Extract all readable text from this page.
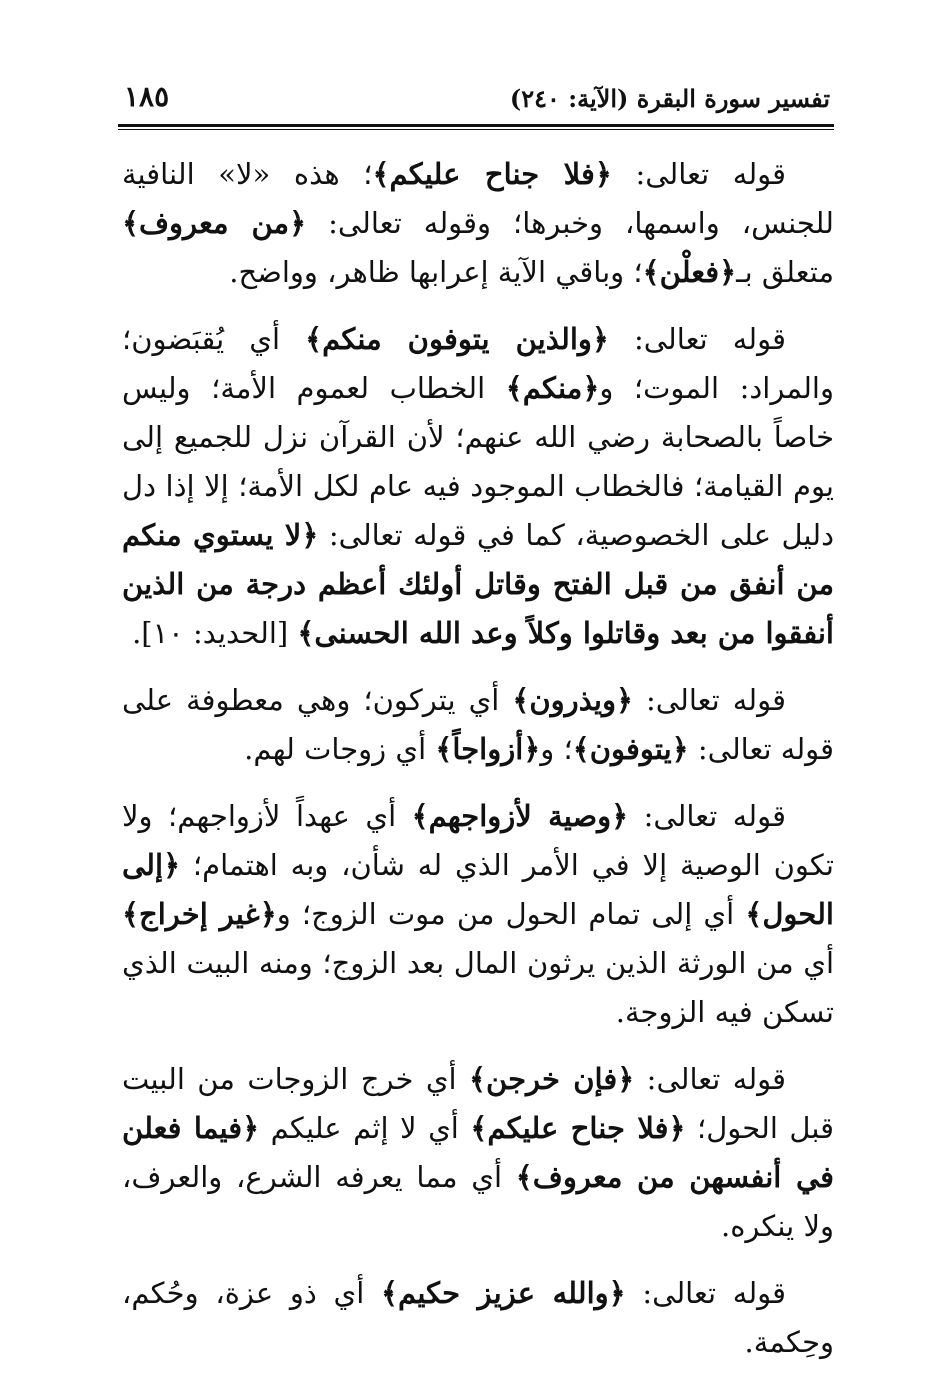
تفسير سورة البقرة (الآية: ٢٤٠)
١٨٥

قوله تعالى: ﴿فلا جناح عليكم﴾؛ هذه «لا» النافية للجنس، واسمها، وخبرها؛ وقوله تعالى: ﴿من معروف﴾ متعلق بـ﴿فعلْن﴾؛ وباقي الآية إعرابها ظاهر، وواضح.

قوله تعالى: ﴿والذين يتوفون منكم﴾ أي يُقبَضون؛ والمراد: الموت؛ و﴿منكم﴾ الخطاب لعموم الأمة؛ وليس خاصاً بالصحابة رضي الله عنهم؛ لأن القرآن نزل للجميع إلى يوم القيامة؛ فالخطاب الموجود فيه عام لكل الأمة؛ إلا إذا دل دليل على الخصوصية، كما في قوله تعالى: ﴿لا يستوي منكم من أنفق من قبل الفتح وقاتل أولئك أعظم درجة من الذين أنفقوا من بعد وقاتلوا وكلاً وعد الله الحسنى﴾ [الحديد: ١٠].

قوله تعالى: ﴿ويذرون﴾ أي يتركون؛ وهي معطوفة على قوله تعالى: ﴿يتوفون﴾؛ و﴿أزواجاً﴾ أي زوجات لهم.

قوله تعالى: ﴿وصية لأزواجهم﴾ أي عهداً لأزواجهم؛ ولا تكون الوصية إلا في الأمر الذي له شأن، وبه اهتمام؛ ﴿إلى الحول﴾ أي إلى تمام الحول من موت الزوج؛ و﴿غير إخراج﴾ أي من الورثة الذين يرثون المال بعد الزوج؛ ومنه البيت الذي تسكن فيه الزوجة.

قوله تعالى: ﴿فإن خرجن﴾ أي خرج الزوجات من البيت قبل الحول؛ ﴿فلا جناح عليكم﴾ أي لا إثم عليكم ﴿فيما فعلن في أنفسهن من معروف﴾ أي مما يعرفه الشرع، والعرف، ولا ينكره.

قوله تعالى: ﴿والله عزيز حكيم﴾ أي ذو عزة، وحُكم، وحِكمة.
